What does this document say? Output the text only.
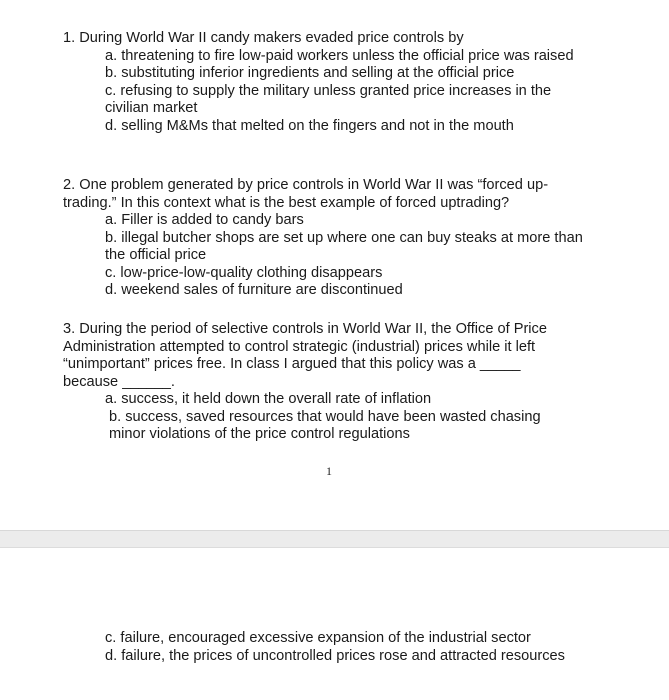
1. During World War II candy makers evaded price controls by

a. threatening to fire low-paid workers unless the official price was raised

b. substituting inferior ingredients and selling at the official price

c. refusing to supply the military unless granted price increases in the civilian market

d. selling M&Ms that melted on the fingers and not in the mouth

2. One problem generated by price controls in World War II was “forced up-

trading.” In this context what is the best example of forced uptrading?

a. Filler is added to candy bars

b. illegal butcher shops are set up where one can buy steaks at more than the official price

c. low-price-low-quality clothing disappears

d. weekend sales of furniture are discontinued

3. During the period of selective controls in World War II, the Office of Price

Administration attempted to control strategic (industrial) prices while it left

“unimportant” prices free. In class I argued that this policy was a _____

because ______.

a. success, it held down the overall rate of inflation

b. success, saved resources that would have been wasted chasing minor violations of the price control regulations

1

c. failure, encouraged excessive expansion of the industrial sector

d. failure, the prices of uncontrolled prices rose and attracted resources
